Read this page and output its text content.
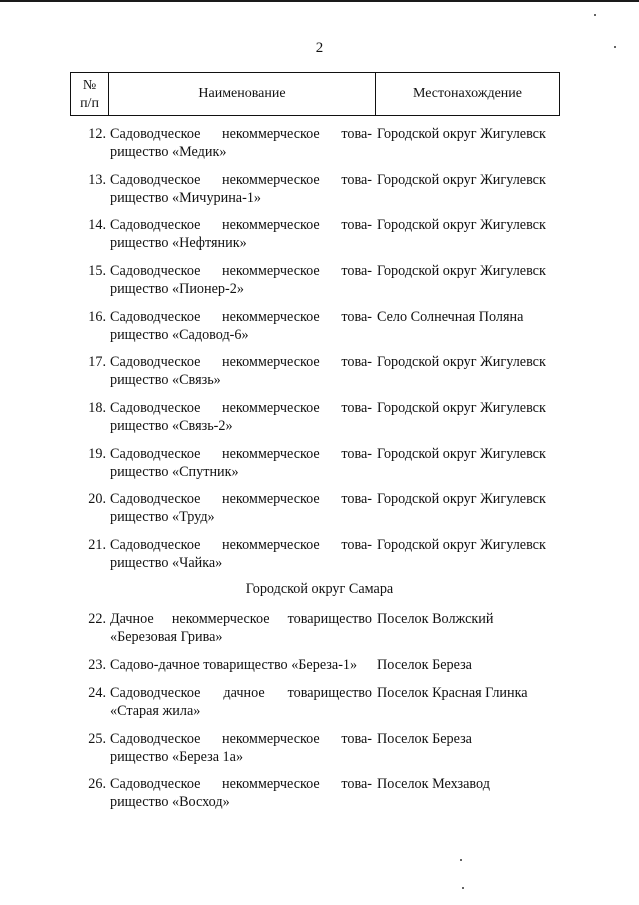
2
№
п/п
Наименование	Местонахождение
12. Садоводческое некоммерческое това-
рищество «Медик»
Городской округ Жигулевск
13. Садоводческое некоммерческое това-
рищество «Мичурина-1»
Городской округ Жигулевск
14. Садоводческое некоммерческое това-
рищество «Нефтяник»
Городской округ Жигулевск
15. Садоводческое некоммерческое това-
рищество «Пионер-2»
Городской округ Жигулевск
16. Садоводческое некоммерческое това-
рищество «Садовод-6»
Село Солнечная Поляна
17. Садоводческое некоммерческое това-
рищество «Связь»
Городской округ Жигулевск
18. Садоводческое некоммерческое това-
рищество «Связь-2»
Городской округ Жигулевск
19. Садоводческое некоммерческое това-
рищество «Спутник»
Городской округ Жигулевск
20. Садоводческое некоммерческое това-
рищество «Труд»
Городской округ Жигулевск
21. Садоводческое некоммерческое това-
рищество «Чайка»
Городской округ Жигулевск
Городской округ Самара
22. Дачное некоммерческое товарищество
«Березовая Грива»
Поселок Волжский
23. Садово-дачное товарищество «Береза-1»	Поселок Береза
24. Садоводческое дачное товарищество
«Старая жила»
Поселок Красная Глинка
25. Садоводческое некоммерческое това-
рищество «Береза 1а»
Поселок Береза
26. Садоводческое некоммерческое това-
рищество «Восход»
Поселок Мехзавод
